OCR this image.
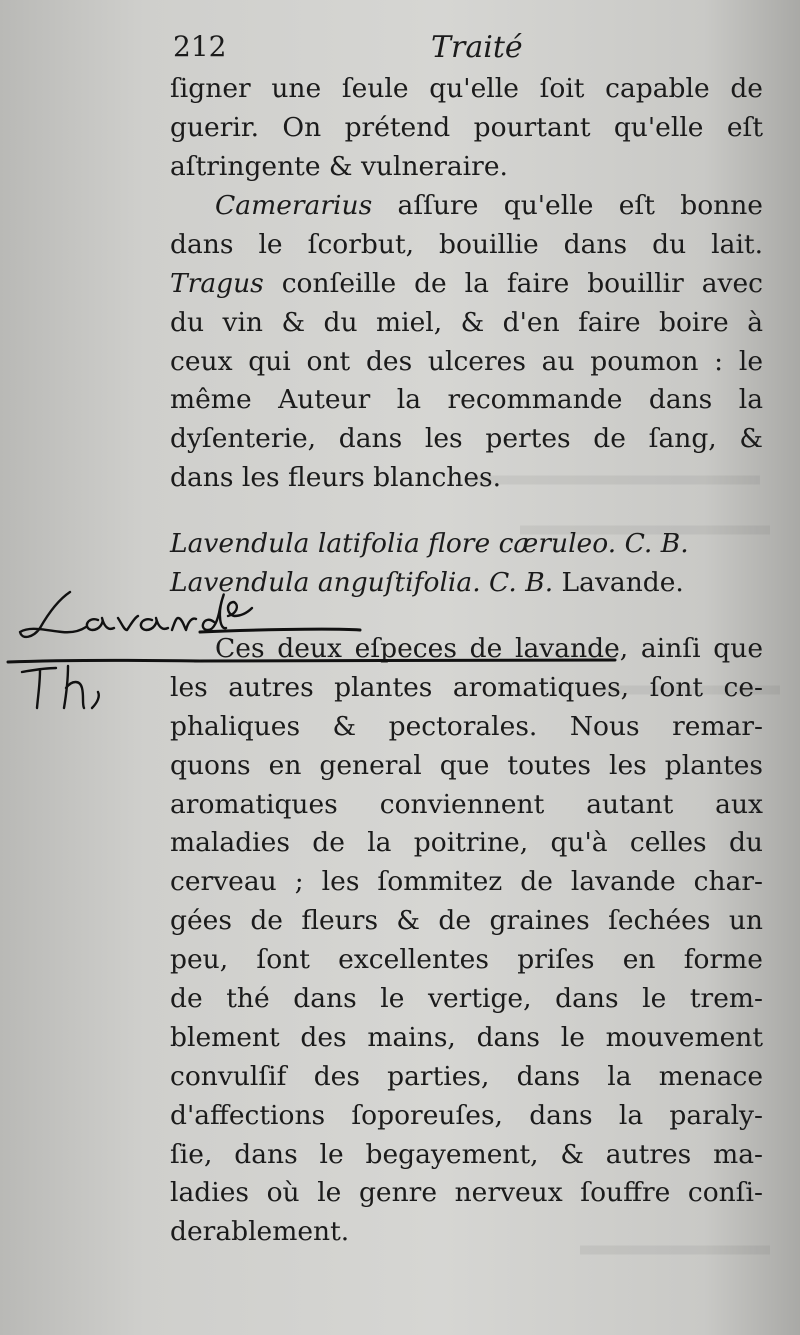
212	Traité
ſigner une ſeule qu'elle ſoit capable de
guerir. On prétend pourtant qu'elle eſt
aſtringente & vulneraire.
Camerarius aſſure qu'elle eſt bonne
dans le ſcorbut, bouillie dans du lait.
Tragus conſeille de la faire bouillir avec
du vin & du miel, & d'en faire boire à
ceux qui ont des ulceres au poumon : le
même Auteur la recommande dans la
dyſenterie, dans les pertes de ſang, &
dans les fleurs blanches.
Lavendula latifolia flore cæruleo. C. B.
Lavendula anguſtifolia. C. B. Lavande.
Ces deux eſpeces de lavande, ainſi que
les autres plantes aromatiques, ſont ce-
phaliques & pectorales. Nous remar-
quons en general que toutes les plantes
aromatiques conviennent autant aux
maladies de la poitrine, qu'à celles du
cerveau ; les ſommitez de lavande char-
gées de fleurs & de graines ſechées un
peu, ſont excellentes priſes en forme
de thé dans le vertige, dans le trem-
blement des mains, dans le mouvement
convulſif des parties, dans la menace
d'affections ſoporeuſes, dans la paraly-
ſie, dans le begayement, & autres ma-
ladies où le genre nerveux ſouffre conſi-
derablement.
